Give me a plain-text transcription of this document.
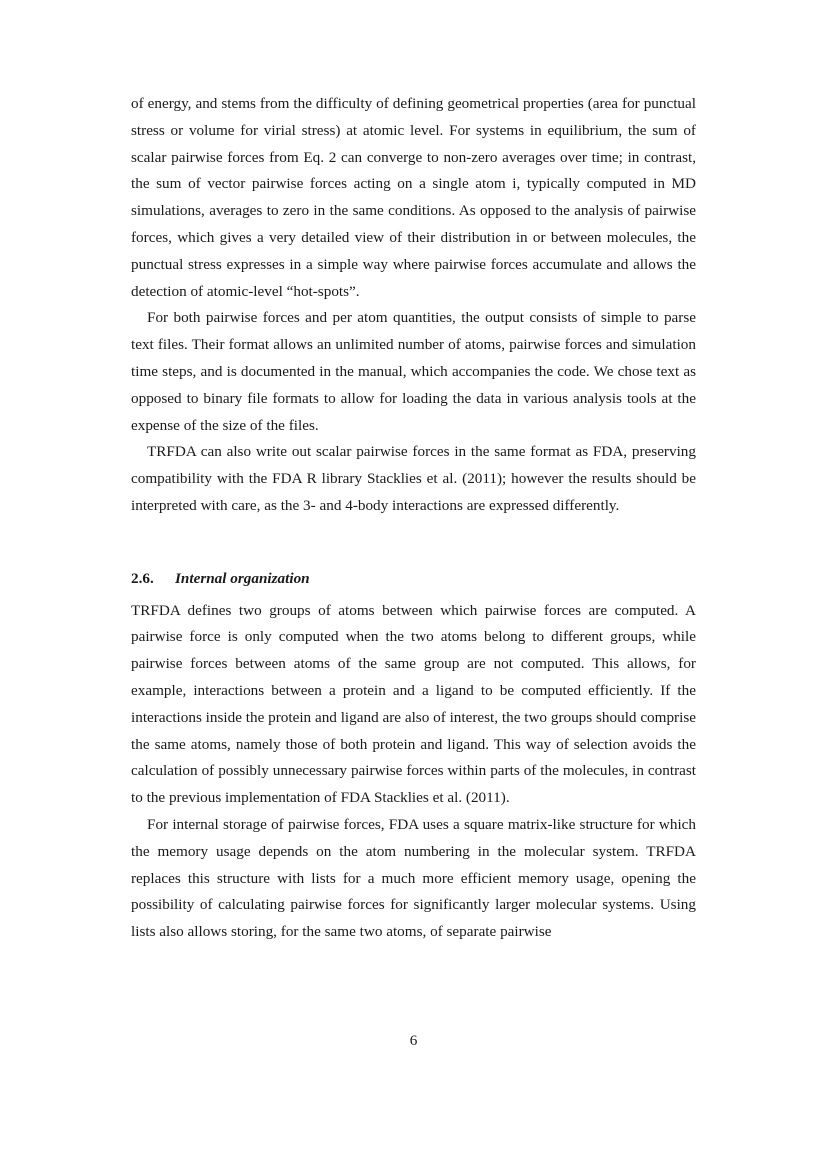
of energy, and stems from the difficulty of defining geometrical properties (area for punctual stress or volume for virial stress) at atomic level. For systems in equilibrium, the sum of scalar pairwise forces from Eq. 2 can converge to non-zero averages over time; in contrast, the sum of vector pairwise forces acting on a single atom i, typically computed in MD simulations, averages to zero in the same conditions. As opposed to the analysis of pairwise forces, which gives a very detailed view of their distribution in or between molecules, the punctual stress expresses in a simple way where pairwise forces accumulate and allows the detection of atomic-level “hot-spots”.

For both pairwise forces and per atom quantities, the output consists of simple to parse text files. Their format allows an unlimited number of atoms, pairwise forces and simulation time steps, and is documented in the manual, which accompanies the code. We chose text as opposed to binary file formats to allow for loading the data in various analysis tools at the expense of the size of the files.

TRFDA can also write out scalar pairwise forces in the same format as FDA, preserving compatibility with the FDA R library Stacklies et al. (2011); however the results should be interpreted with care, as the 3- and 4-body interactions are expressed differently.

2.6. Internal organization

TRFDA defines two groups of atoms between which pairwise forces are computed. A pairwise force is only computed when the two atoms belong to different groups, while pairwise forces between atoms of the same group are not computed. This allows, for example, interactions between a protein and a ligand to be computed efficiently. If the interactions inside the protein and ligand are also of interest, the two groups should comprise the same atoms, namely those of both protein and ligand. This way of selection avoids the calculation of possibly unnecessary pairwise forces within parts of the molecules, in contrast to the previous implementation of FDA Stacklies et al. (2011).

For internal storage of pairwise forces, FDA uses a square matrix-like structure for which the memory usage depends on the atom numbering in the molecular system. TRFDA replaces this structure with lists for a much more efficient memory usage, opening the possibility of calculating pairwise forces for significantly larger molecular systems. Using lists also allows storing, for the same two atoms, of separate pairwise

6
